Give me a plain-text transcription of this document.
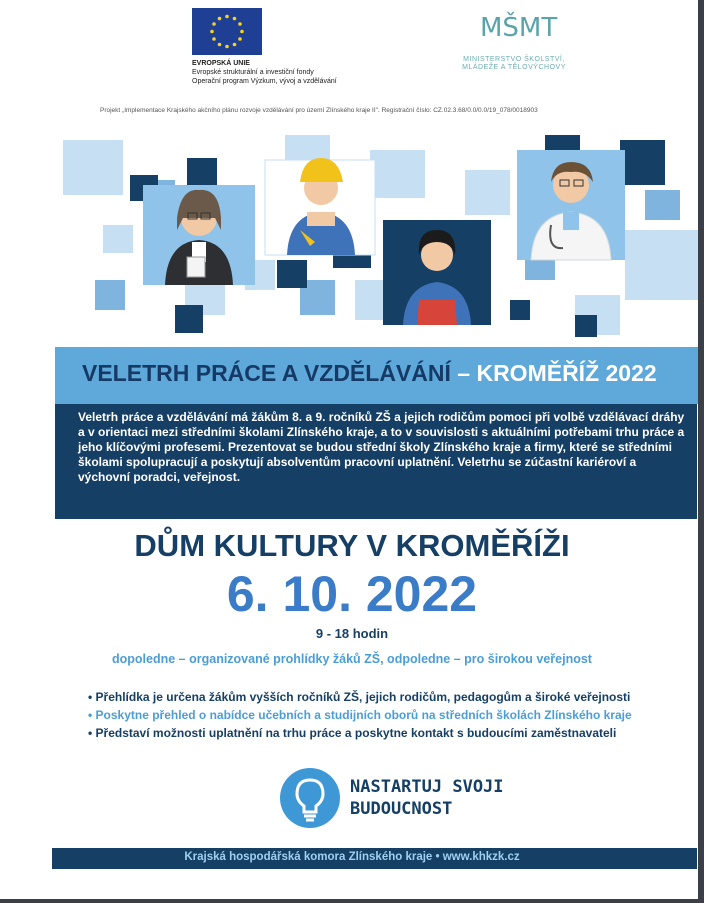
EVROPSKÁ UNIE
Evropské strukturální a investiční fondy
Operační program Výzkum, vývoj a vzdělávání
MŠMT
MINISTERSTVO ŠKOLSTVÍ,
MLÁDEŽE A TĚLOVÝCHOVY
Projekt „Implementace Krajského akčního plánu rozvoje vzdělávání pro území Zlínského kraje II". Registrační číslo: CZ.02.3.68/0.0/0.0/19_078/0018903
VELETRH PRÁCE A VZDĚLÁVÁNÍ – KROMĚŘÍŽ 2022
Veletrh práce a vzdělávání má žákům 8. a 9. ročníků ZŠ a jejich rodičům pomoci při volbě vzdělávací dráhy a v orientaci mezi středními školami Zlínského kraje, a to v souvislosti s aktuálními potřebami trhu práce a jeho klíčovými profesemi. Prezentovat se budou střední školy Zlínského kraje a firmy, které se středními školami spolupracují a poskytují absolventům pracovní uplatnění. Veletrhu se zúčastní kariéroví a výchovní poradci, veřejnost.
DŮM KULTURY V KROMĚŘÍŽI
6. 10. 2022
9 - 18 hodin
dopoledne – organizované prohlídky žáků ZŠ, odpoledne – pro širokou veřejnost
• Přehlídka je určena žákům vyšších ročníků ZŠ, jejich rodičům, pedagogům a široké veřejnosti
• Poskytne přehled o nabídce učebních a studijních oborů na středních školách Zlínského kraje
• Představí možnosti uplatnění na trhu práce a poskytne kontakt s budoucími zaměstnavateli
NASTARTUJ SVOJI
BUDOUCNOST
Krajská hospodářská komora Zlínského kraje • www.khkzk.cz
